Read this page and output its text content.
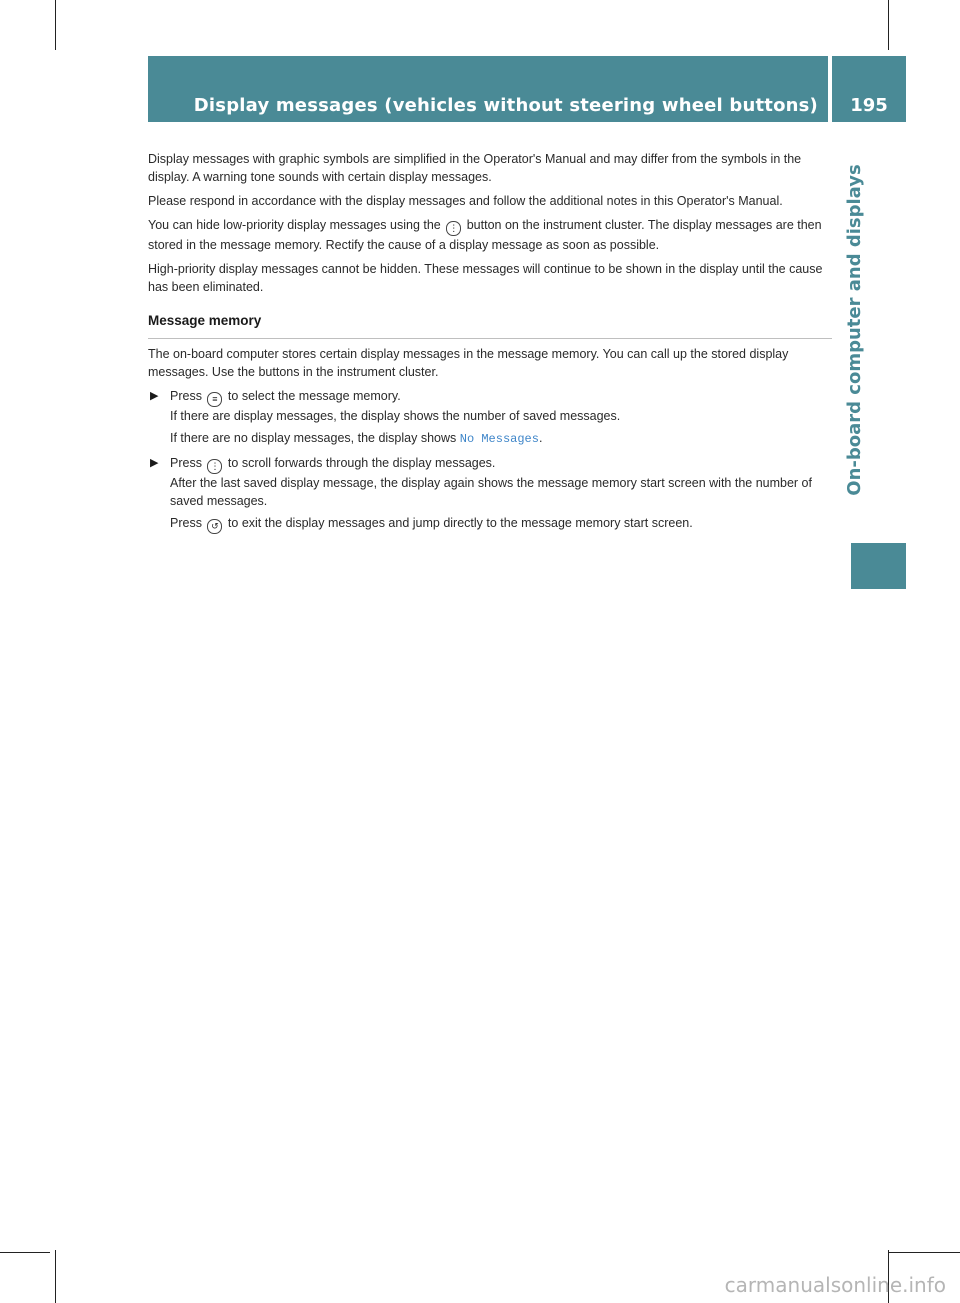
Display messages (vehicles without steering wheel buttons)	195
On-board computer and displays

Display messages with graphic symbols are simplified in the Operator's Manual and may differ from the symbols in the display. A warning tone sounds with certain display messages.

Please respond in accordance with the display messages and follow the additional notes in this Operator's Manual.

You can hide low-priority display messages using the ⋮ button on the instrument cluster. The display messages are then stored in the message memory. Rectify the cause of a display message as soon as possible.

High-priority display messages cannot be hidden. These messages will continue to be shown in the display until the cause has been eliminated.

Message memory

The on-board computer stores certain display messages in the message memory. You can call up the stored display messages. Use the buttons in the instrument cluster.

▶ Press ≡ to select the message memory.
If there are display messages, the display shows the number of saved messages.

If there are no display messages, the display shows No Messages.

▶ Press ⋮ to scroll forwards through the display messages.
After the last saved display message, the display again shows the message memory start screen with the number of saved messages.

Press ↺ to exit the display messages and jump directly to the message memory start screen.

carmanualsonline.info
